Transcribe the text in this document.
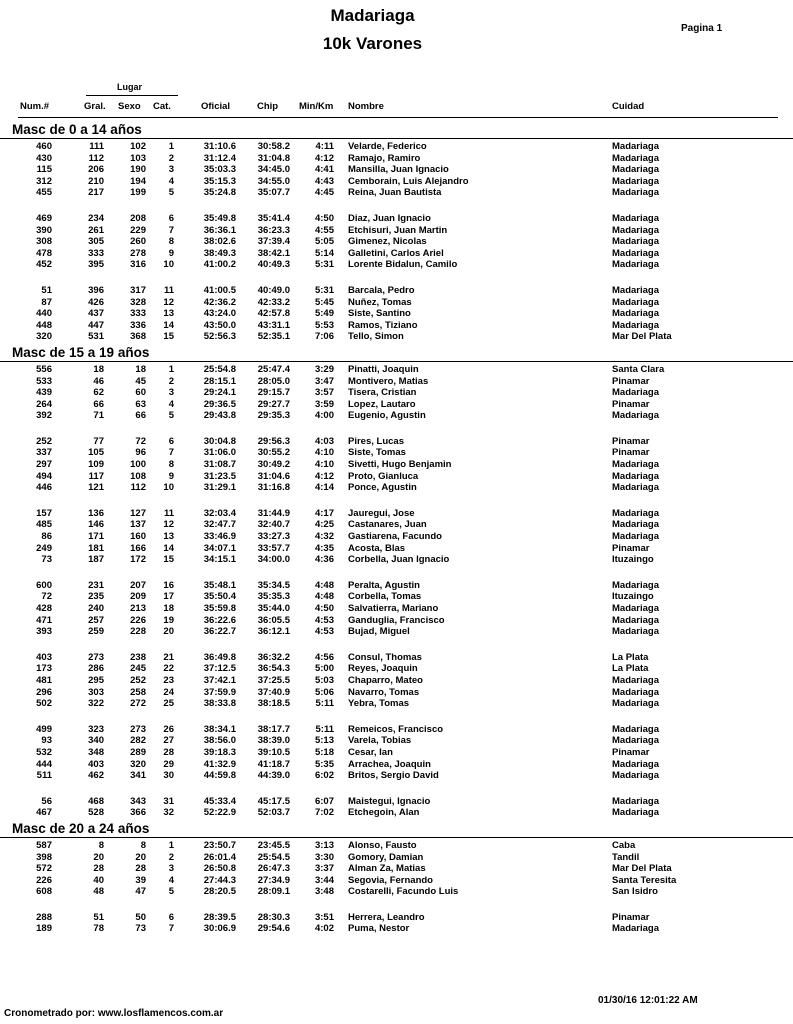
Madariaga
10k Varones
Pagina 1
Lugar
Num.#	Gral. Sexo Cat.	Oficial	Chip Min/Km Nombre	Cuidad
Masc de 0 a 14 años
460	111	102	1	31:10.6	30:58.2	4:11 Velarde, Federico	Madariaga
430	112	103	2	31:12.4	31:04.8	4:12 Ramajo, Ramiro	Madariaga
115	206	190	3	35:03.3	34:45.0	4:41 Mansilla, Juan Ignacio	Madariaga
312	210	194	4	35:15.3	34:55.0	4:43 Cemborain, Luis Alejandro	Madariaga
455	217	199	5	35:24.8	35:07.7	4:45 Reina, Juan Bautista	Madariaga
469	234	208	6	35:49.8	35:41.4	4:50 Diaz, Juan Ignacio	Madariaga
390	261	229	7	36:36.1	36:23.3	4:55 Etchisuri, Juan Martin	Madariaga
308	305	260	8	38:02.6	37:39.4	5:05 Gimenez, Nicolas	Madariaga
478	333	278	9	38:49.3	38:42.1	5:14 Galletini, Carlos Ariel	Madariaga
452	395	316	10	41:00.2	40:49.3	5:31 Lorente Bidalun, Camilo	Madariaga
51	396	317	11	41:00.5	40:49.0	5:31 Barcala, Pedro	Madariaga
87	426	328	12	42:36.2	42:33.2	5:45 Nuñez, Tomas	Madariaga
440	437	333	13	43:24.0	42:57.8	5:49 Siste, Santino	Madariaga
448	447	336	14	43:50.0	43:31.1	5:53 Ramos, Tiziano	Madariaga
320	531	368	15	52:56.3	52:35.1	7:06 Tello, Simon	Mar Del Plata
Masc de 15 a 19 años
556	18	18	1	25:54.8	25:47.4	3:29 Pinatti, Joaquin	Santa Clara
533	46	45	2	28:15.1	28:05.0	3:47 Montivero, Matias	Pinamar
439	62	60	3	29:24.1	29:15.7	3:57 Tisera, Cristian	Madariaga
264	66	63	4	29:36.5	29:27.7	3:59 Lopez, Lautaro	Pinamar
392	71	66	5	29:43.8	29:35.3	4:00 Eugenio, Agustin	Madariaga
252	77	72	6	30:04.8	29:56.3	4:03 Pires, Lucas	Pinamar
337	105	96	7	31:06.0	30:55.2	4:10 Siste, Tomas	Pinamar
297	109	100	8	31:08.7	30:49.2	4:10 Sivetti, Hugo Benjamin	Madariaga
494	117	108	9	31:23.5	31:04.6	4:12 Proto, Gianluca	Madariaga
446	121	112	10	31:29.1	31:16.8	4:14 Ponce, Agustin	Madariaga
157	136	127	11	32:03.4	31:44.9	4:17 Jauregui, Jose	Madariaga
485	146	137	12	32:47.7	32:40.7	4:25 Castanares, Juan	Madariaga
86	171	160	13	33:46.9	33:27.3	4:32 Gastiarena, Facundo	Madariaga
249	181	166	14	34:07.1	33:57.7	4:35 Acosta, Blas	Pinamar
73	187	172	15	34:15.1	34:00.0	4:36 Corbella, Juan Ignacio	Ituzaingo
600	231	207	16	35:48.1	35:34.5	4:48 Peralta, Agustin	Madariaga
72	235	209	17	35:50.4	35:35.3	4:48 Corbella, Tomas	Ituzaingo
428	240	213	18	35:59.8	35:44.0	4:50 Salvatierra, Mariano	Madariaga
471	257	226	19	36:22.6	36:05.5	4:53 Ganduglia, Francisco	Madariaga
393	259	228	20	36:22.7	36:12.1	4:53 Bujad, Miguel	Madariaga
403	273	238	21	36:49.8	36:32.2	4:56 Consul, Thomas	La Plata
173	286	245	22	37:12.5	36:54.3	5:00 Reyes, Joaquin	La Plata
481	295	252	23	37:42.1	37:25.5	5:03 Chaparro, Mateo	Madariaga
296	303	258	24	37:59.9	37:40.9	5:06 Navarro, Tomas	Madariaga
502	322	272	25	38:33.8	38:18.5	5:11 Yebra, Tomas	Madariaga
499	323	273	26	38:34.1	38:17.7	5:11 Remeicos, Francisco	Madariaga
93	340	282	27	38:56.0	38:39.0	5:13 Varela, Tobias	Madariaga
532	348	289	28	39:18.3	39:10.5	5:18 Cesar, Ian	Pinamar
444	403	320	29	41:32.9	41:18.7	5:35 Arrachea, Joaquin	Madariaga
511	462	341	30	44:59.8	44:39.0	6:02 Britos, Sergio David	Madariaga
56	468	343	31	45:33.4	45:17.5	6:07 Maistegui, Ignacio	Madariaga
467	528	366	32	52:22.9	52:03.7	7:02 Etchegoin, Alan	Madariaga
Masc de 20 a 24 años
587	8	8	1	23:50.7	23:45.5	3:13 Alonso, Fausto	Caba
398	20	20	2	26:01.4	25:54.5	3:30 Gomory, Damian	Tandil
572	28	28	3	26:50.8	26:47.3	3:37 Alman Za, Matias	Mar Del Plata
226	40	39	4	27:44.3	27:34.9	3:44 Segovia, Fernando	Santa Teresita
608	48	47	5	28:20.5	28:09.1	3:48 Costarelli, Facundo Luis	San Isidro
288	51	50	6	28:39.5	28:30.3	3:51 Herrera, Leandro	Pinamar
189	78	73	7	30:06.9	29:54.6	4:02 Puma, Nestor	Madariaga
Cronometrado por: www.losflamencos.com.ar
01/30/16 12:01:22 AM
